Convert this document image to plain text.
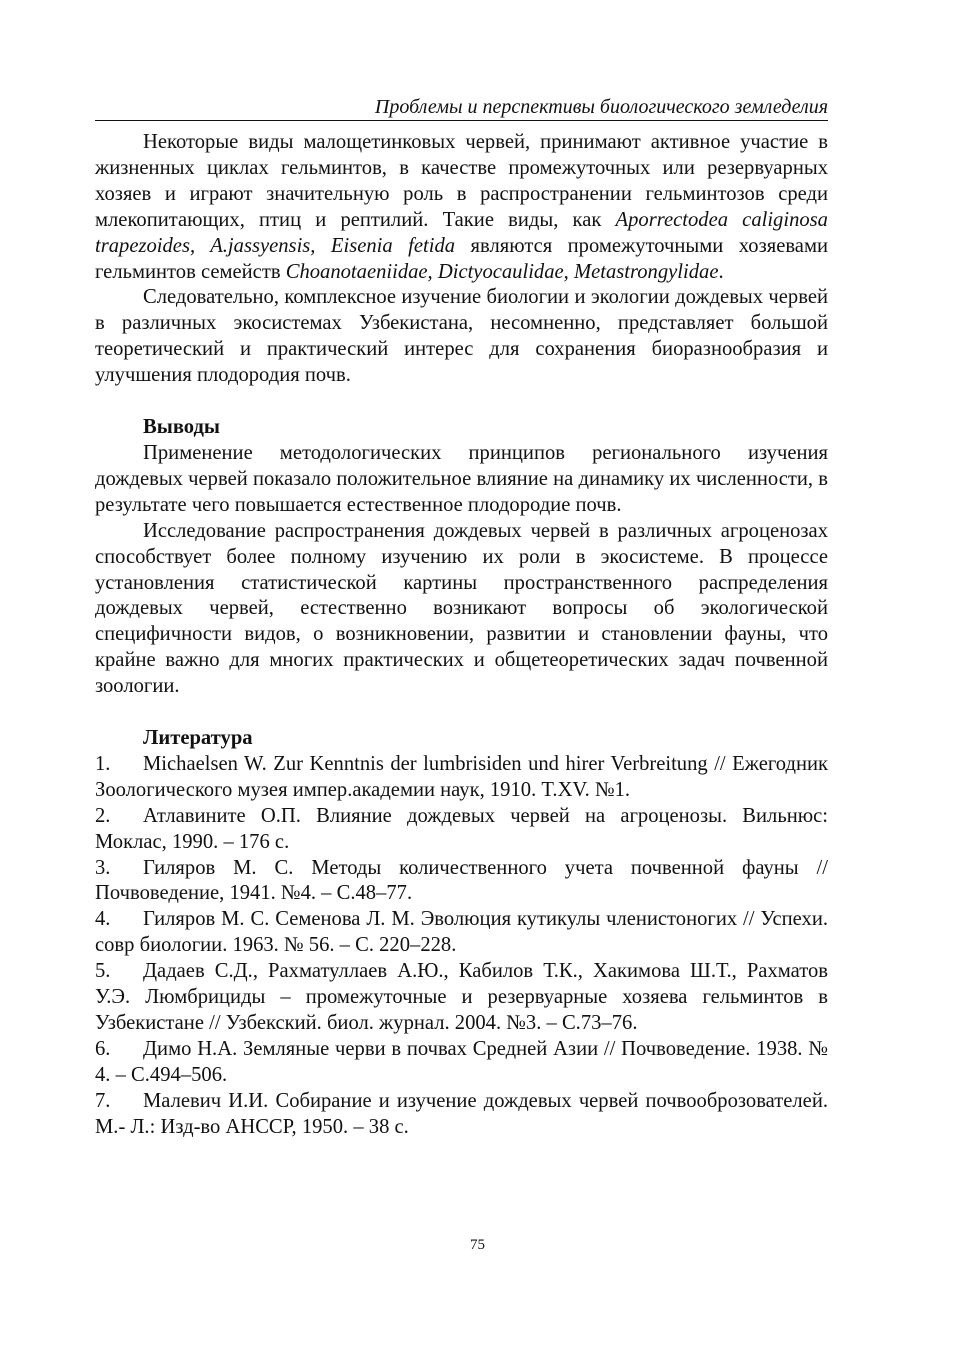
Проблемы и перспективы биологического земледелия

Некоторые виды малощетинковых червей, принимают активное участие в жизненных циклах гельминтов, в качестве промежуточных или резервуарных хозяев и играют значительную роль в распространении гельминтозов среди млекопитающих, птиц и рептилий. Такие виды, как Aporrectodea caliginosa trapezoides, A.jassyensis, Eisenia fetida являются промежуточными хозяевами гельминтов семейств Choanotaeniidae, Dictyocaulidae, Metastrongylidae.

Следовательно, комплексное изучение биологии и экологии дождевых червей в различных экосистемах Узбекистана, несомненно, представляет большой теоретический и практический интерес для сохранения биоразнообразия и улучшения плодородия почв.

Выводы

Применение методологических принципов регионального изучения дождевых червей показало положительное влияние на динамику их численности, в результате чего повышается естественное плодородие почв.

Исследование распространения дождевых червей в различных агроценозах способствует более полному изучению их роли в экосистеме. В процессе установления статистической картины пространственного распределения дождевых червей, естественно возникают вопросы об экологической специфичности видов, о возникновении, развитии и становлении фауны, что крайне важно для многих практических и общетеоретических задач почвенной зоологии.

Литература

1. Michaelsen W. Zur Kenntnis der lumbrisiden und hirer Verbreitung // Ежегодник Зоологического музея импер.академии наук, 1910. T.XV. №1.

2. Атлавините О.П. Влияние дождевых червей на агроценозы. Вильнюс: Моклас, 1990. – 176 с.

3. Гиляров М. С. Методы количественного учета почвенной фауны // Почвоведение, 1941. №4. – С.48–77.

4. Гиляров М. С. Семенова Л. М. Эволюция кутикулы членистоногих // Успехи. совр биологии. 1963. № 56. – С. 220–228.

5. Дадаев С.Д., Рахматуллаев А.Ю., Кабилов Т.К., Хакимова Ш.Т., Рахматов У.Э. Люмбрициды – промежуточные и резервуарные хозяева гельминтов в Узбекистане // Узбекский. биол. журнал. 2004. №3. – С.73–76.

6. Димо Н.А. Земляные черви в почвах Средней Азии // Почвоведение. 1938. № 4. – С.494–506.

7. Малевич И.И. Собирание и изучение дождевых червей почвооброзователей. М.- Л.: Изд-во АНССР, 1950. – 38 с.

75
